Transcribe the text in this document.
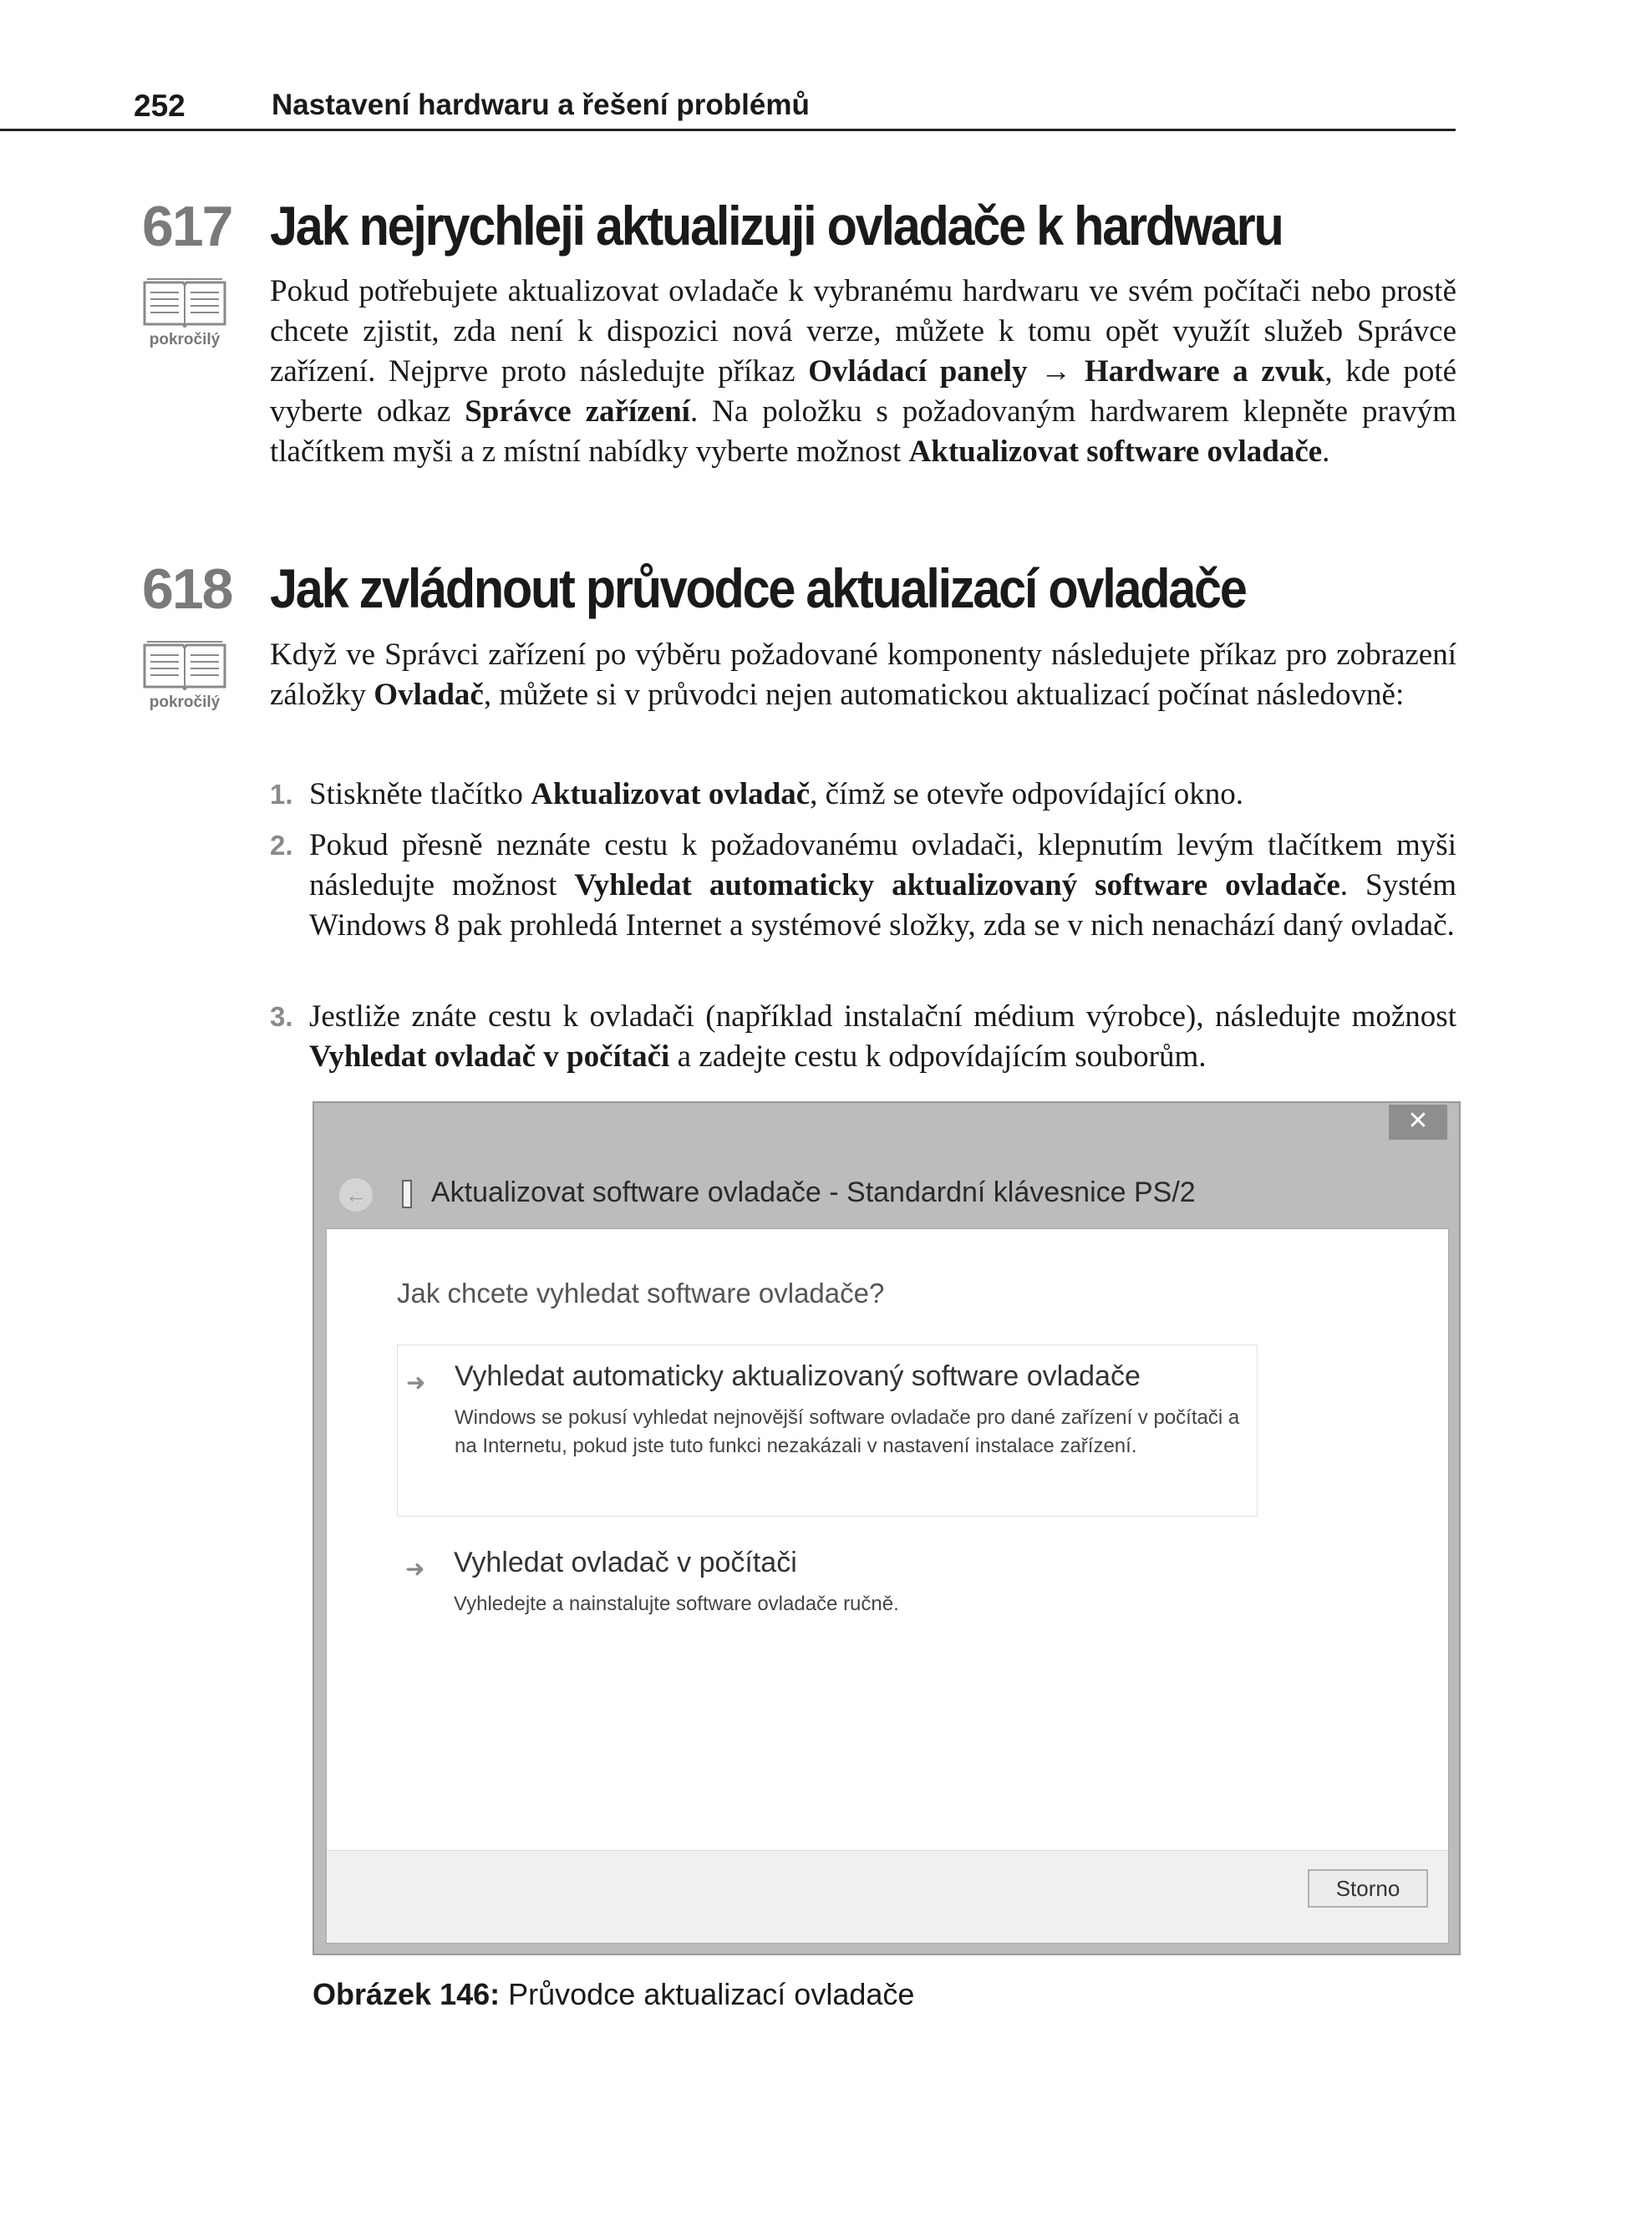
252	Nastavení hardwaru a řešení problémů
617 Jak nejrychleji aktualizuji ovladače k hardwaru
pokročilý
Pokud potřebujete aktualizovat ovladače k vybranému hardwaru ve svém počítači nebo prostě chcete zjistit, zda není k dispozici nová verze, můžete k tomu opět využít služeb Správce zařízení. Nejprve proto následujte příkaz Ovládací panely → Hardware a zvuk, kde poté vyberte odkaz Správce zařízení. Na položku s požadovaným hardwarem klepněte pravým tlačítkem myši a z místní nabídky vyberte možnost Aktualizovat software ovladače.
618 Jak zvládnout průvodce aktualizací ovladače
pokročilý
Když ve Správci zařízení po výběru požadované komponenty následujete příkaz pro zobrazení záložky Ovladač, můžete si v průvodci nejen automatickou aktualizací počínat následovně:
1. Stiskněte tlačítko Aktualizovat ovladač, čímž se otevře odpovídající okno.
2. Pokud přesně neznáte cestu k požadovanému ovladači, klepnutím levým tlačítkem myši následujte možnost Vyhledat automaticky aktualizovaný software ovladače. Systém Windows 8 pak prohledá Internet a systémové složky, zda se v nich nenachází daný ovladač.
3. Jestliže znáte cestu k ovladači (například instalační médium výrobce), následujte možnost Vyhledat ovladač v počítači a zadejte cestu k odpovídajícím souborům.
✕
← Aktualizovat software ovladače - Standardní klávesnice PS/2
Jak chcete vyhledat software ovladače?
➜ Vyhledat automaticky aktualizovaný software ovladače
Windows se pokusí vyhledat nejnovější software ovladače pro dané zařízení v počítači a na Internetu, pokud jste tuto funkci nezakázali v nastavení instalace zařízení.
➜ Vyhledat ovladač v počítači
Vyhledejte a nainstalujte software ovladače ručně.
Storno
Obrázek 146: Průvodce aktualizací ovladače
